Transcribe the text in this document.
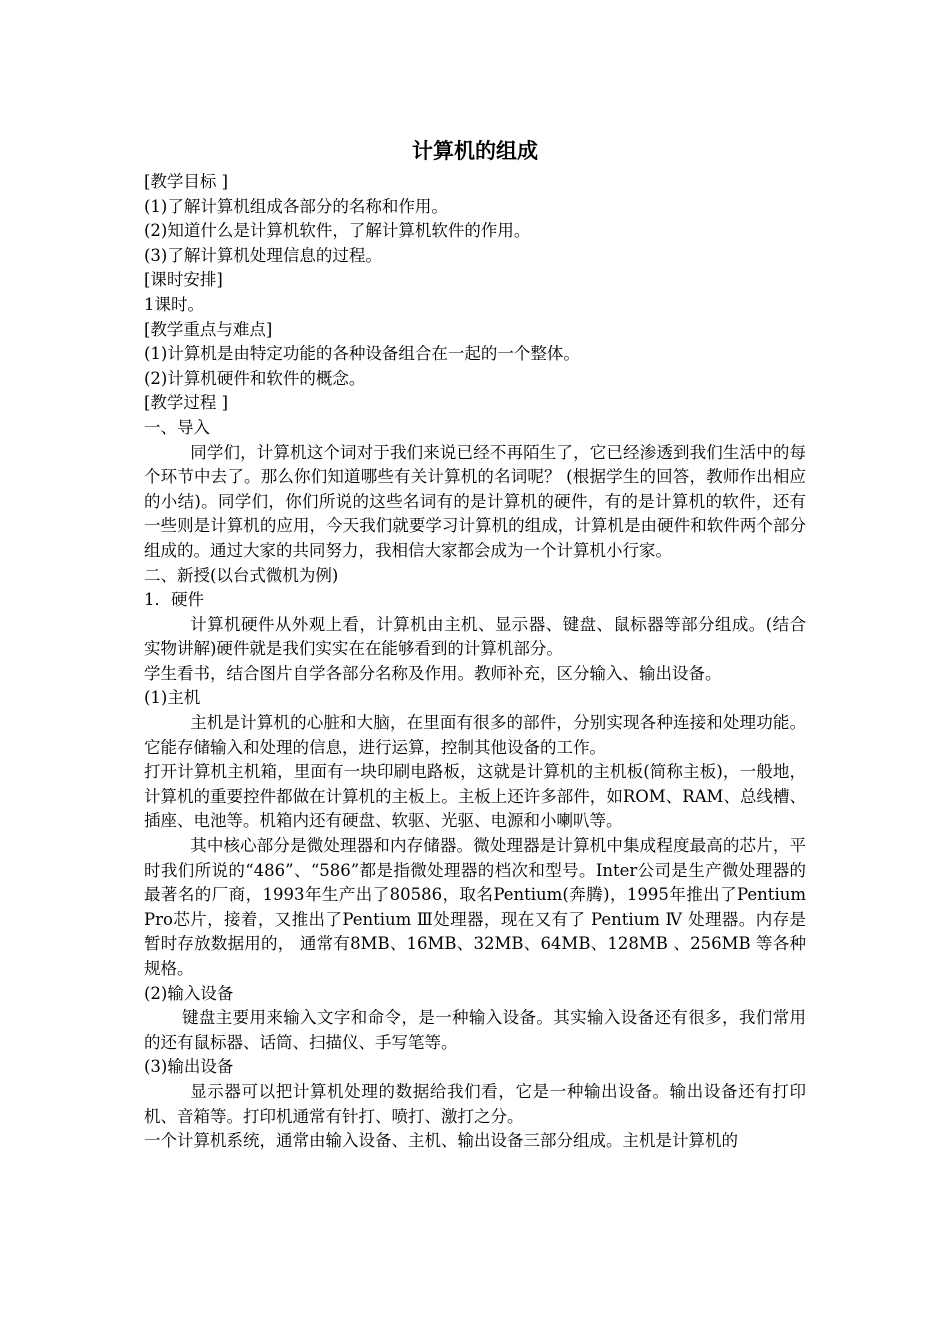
计算机的组成

[教学目标 ]

(1)了解计算机组成各部分的名称和作用。

(2)知道什么是计算机软件，了解计算机软件的作用。

(3)了解计算机处理信息的过程。

[课时安排]

1课时。

[教学重点与难点]

(1)计算机是由特定功能的各种设备组合在一起的一个整体。

(2)计算机硬件和软件的概念。

[教学过程 ]

一、导入

同学们，计算机这个词对于我们来说已经不再陌生了，它已经渗透到我们生活中的每个环节中去了。那么你们知道哪些有关计算机的名词呢？ (根据学生的回答，教师作出相应的小结)。同学们，你们所说的这些名词有的是计算机的硬件，有的是计算机的软件，还有一些则是计算机的应用，今天我们就要学习计算机的组成，计算机是由硬件和软件两个部分组成的。通过大家的共同努力，我相信大家都会成为一个计算机小行家。

二、新授(以台式微机为例)

1．硬件

计算机硬件从外观上看，计算机由主机、显示器、键盘、鼠标器等部分组成。(结合实物讲解)硬件就是我们实实在在能够看到的计算机部分。

学生看书，结合图片自学各部分名称及作用。教师补充，区分输入、输出设备。

(1)主机

主机是计算机的心脏和大脑，在里面有很多的部件，分别实现各种连接和处理功能。它能存储输入和处理的信息，进行运算，控制其他设备的工作。

打开计算机主机箱，里面有一块印刷电路板，这就是计算机的主机板(简称主板)，一般地，计算机的重要控件都做在计算机的主板上。主板上还许多部件，如ROM、RAM、总线槽、插座、电池等。机箱内还有硬盘、软驱、光驱、电源和小喇叭等。

其中核心部分是微处理器和内存储器。微处理器是计算机中集成程度最高的芯片，平时我们所说的“486”、“586”都是指微处理器的档次和型号。Inter公司是生产微处理器的最著名的厂商，1993年生产出了80586，取名Pentium(奔腾)，1995年推出了Pentium Pro芯片，接着，又推出了Pentium Ⅲ处理器，现在又有了 Pentium Ⅳ 处理器。内存是暂时存放数据用的， 通常有8MB、16MB、32MB、64MB、128MB 、256MB 等各种规格。

(2)输入设备

键盘主要用来输入文字和命令，是一种输入设备。其实输入设备还有很多，我们常用的还有鼠标器、话筒、扫描仪、手写笔等。

(3)输出设备

显示器可以把计算机处理的数据给我们看，它是一种输出设备。输出设备还有打印机、音箱等。打印机通常有针打、喷打、激打之分。

一个计算机系统，通常由输入设备、主机、输出设备三部分组成。主机是计算机的
